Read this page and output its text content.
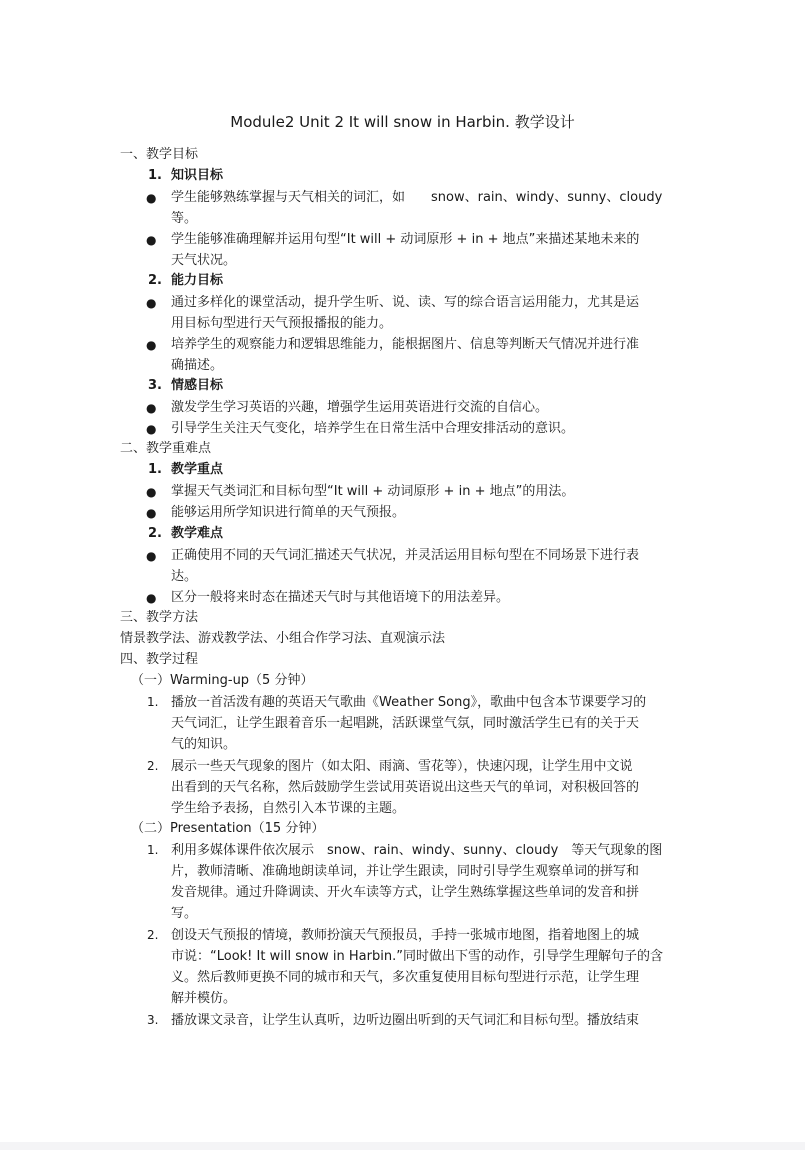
Module2 Unit 2 It will snow in Harbin. 教学设计
一、教学目标
1. 知识目标
● 学生能够熟练掌握与天气相关的词汇，如　　snow、rain、windy、sunny、cloudy
等。
● 学生能够准确理解并运用句型“It will + 动词原形 + in + 地点”来描述某地未来的
天气状况。
2. 能力目标
● 通过多样化的课堂活动，提升学生听、说、读、写的综合语言运用能力，尤其是运
用目标句型进行天气预报播报的能力。
● 培养学生的观察能力和逻辑思维能力，能根据图片、信息等判断天气情况并进行准
确描述。
3. 情感目标
● 激发学生学习英语的兴趣，增强学生运用英语进行交流的自信心。
● 引导学生关注天气变化，培养学生在日常生活中合理安排活动的意识。
二、教学重难点
1. 教学重点
● 掌握天气类词汇和目标句型“It will + 动词原形 + in + 地点”的用法。
● 能够运用所学知识进行简单的天气预报。
2. 教学难点
● 正确使用不同的天气词汇描述天气状况，并灵活运用目标句型在不同场景下进行表
达。
● 区分一般将来时态在描述天气时与其他语境下的用法差异。
三、教学方法
情景教学法、游戏教学法、小组合作学习法、直观演示法
四、教学过程
（一）Warming-up（5 分钟）
1. 播放一首活泼有趣的英语天气歌曲《Weather Song》，歌曲中包含本节课要学习的
天气词汇，让学生跟着音乐一起唱跳，活跃课堂气氛，同时激活学生已有的关于天
气的知识。
2. 展示一些天气现象的图片（如太阳、雨滴、雪花等），快速闪现，让学生用中文说
出看到的天气名称，然后鼓励学生尝试用英语说出这些天气的单词，对积极回答的
学生给予表扬，自然引入本节课的主题。
（二）Presentation（15 分钟）
1. 利用多媒体课件依次展示　snow、rain、windy、sunny、cloudy　等天气现象的图
片，教师清晰、准确地朗读单词，并让学生跟读，同时引导学生观察单词的拼写和
发音规律。通过升降调读、开火车读等方式，让学生熟练掌握这些单词的发音和拼
写。
2. 创设天气预报的情境，教师扮演天气预报员，手持一张城市地图，指着地图上的城
市说：“Look! It will snow in Harbin.”同时做出下雪的动作，引导学生理解句子的含
义。然后教师更换不同的城市和天气，多次重复使用目标句型进行示范，让学生理
解并模仿。
3. 播放课文录音，让学生认真听，边听边圈出听到的天气词汇和目标句型。播放结束
